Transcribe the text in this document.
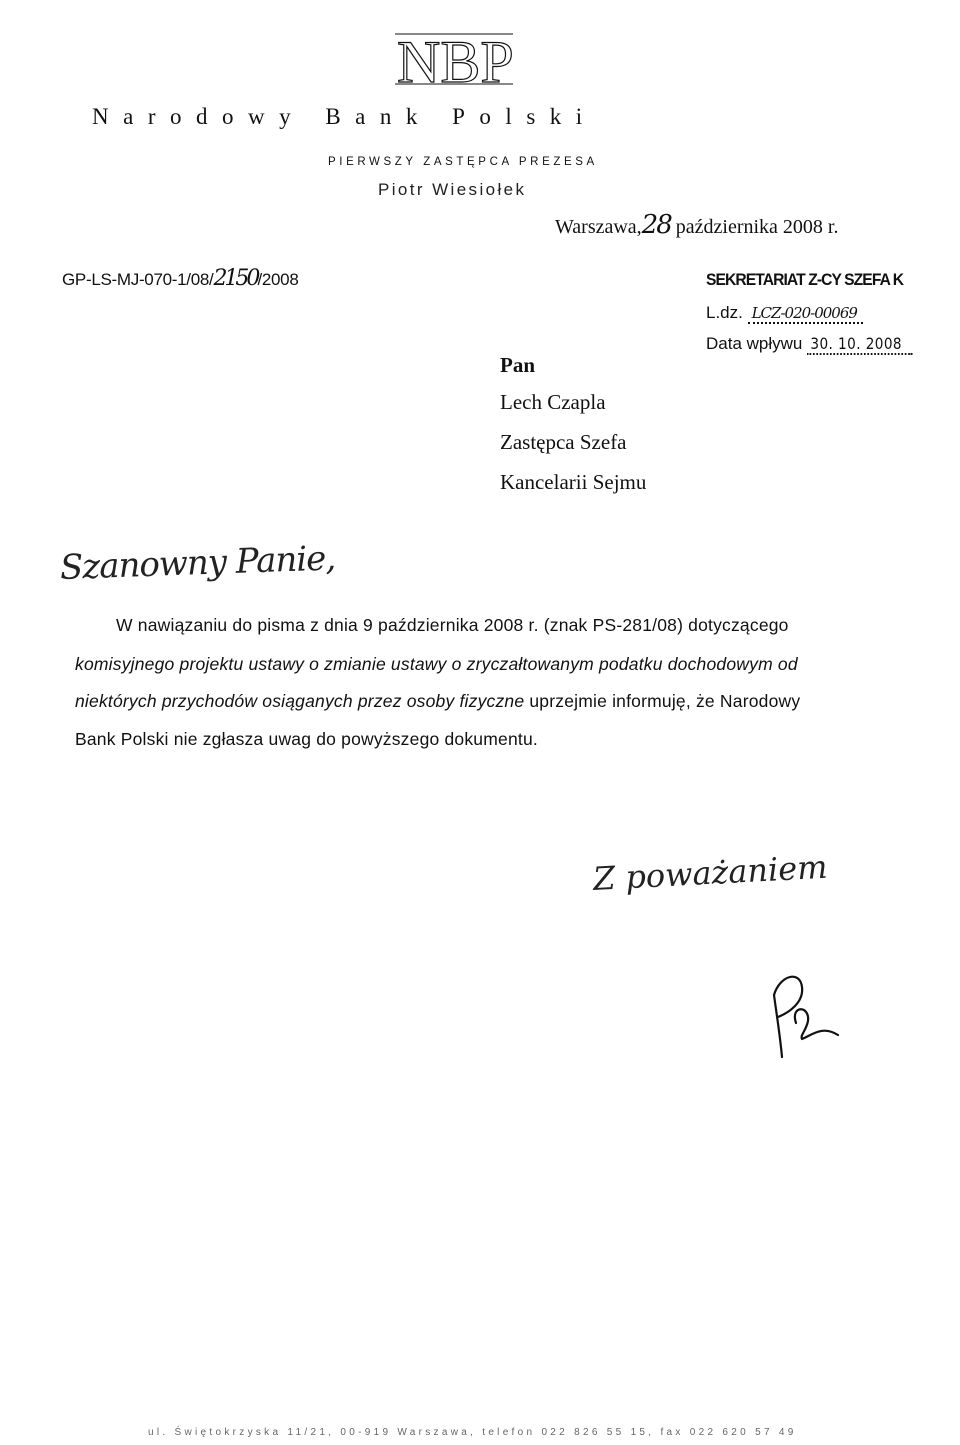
NBP
Narodowy Bank Polski
PIERWSZY ZASTĘPCA PREZESA
Piotr Wiesiołek
Warszawa,28 października 2008 r.
GP-LS-MJ-070-1/08/2150/2008	SEKRETARIAT Z-CY SZEFA K
L.dz. LCZ-020-00069
Data wpływu 30. 10. 2008
Pan
Lech Czapla
Zastępca Szefa
Kancelarii Sejmu
Szanowny Panie,
W nawiązaniu do pisma z dnia 9 października 2008 r. (znak PS-281/08) dotyczącego
komisyjnego projektu ustawy o zmianie ustawy o zryczałtowanym podatku dochodowym od
niektórych przychodów osiąganych przez osoby fizyczne uprzejmie informuję, że Narodowy
Bank Polski nie zgłasza uwag do powyższego dokumentu.
Z poważaniem
ul. Świętokrzyska 11/21, 00-919 Warszawa, telefon 022 826 55 15, fax 022 620 57 49
